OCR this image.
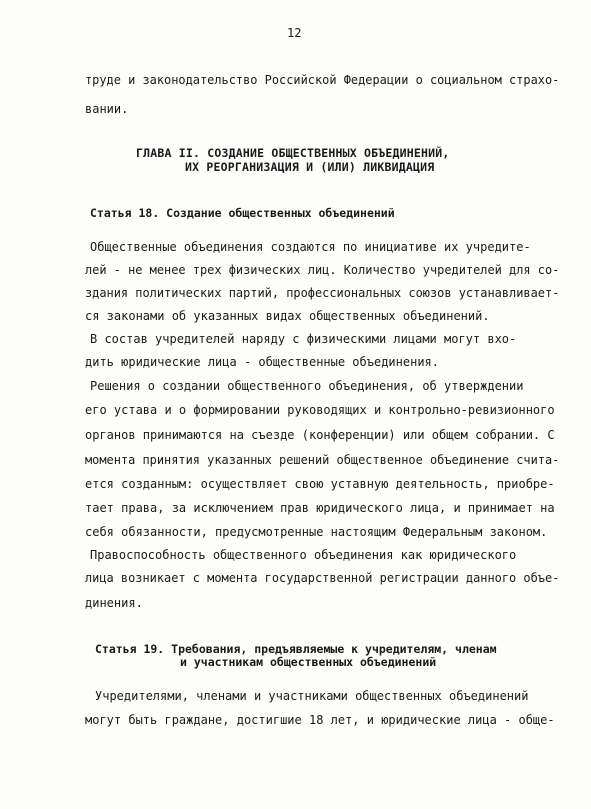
12
труде и законодательство Российской Федерации о социальном страхо-
вании.
ГЛАВА II. СОЗДАНИЕ ОБЩЕСТВЕННЫХ ОБЪЕДИНЕНИЙ,
ИХ РЕОРГАНИЗАЦИЯ И (ИЛИ) ЛИКВИДАЦИЯ
Статья 18. Создание общественных объединений
Общественные объединения создаются по инициативе их учредите-
лей - не менее трех физических лиц. Количество учредителей для со-
здания политических партий, профессиональных союзов устанавливает-
ся законами об указанных видах общественных объединений.
В состав учредителей наряду с физическими лицами могут вхо-
дить юридические лица - общественные объединения.
Решения о создании общественного объединения, об утверждении
его устава и о формировании руководящих и контрольно-ревизионного
органов принимаются на съезде (конференции) или общем собрании. С
момента принятия указанных решений общественное объединение счита-
ется созданным: осуществляет свою уставную деятельность, приобре-
тает права, за исключением прав юридического лица, и принимает на
себя обязанности, предусмотренные настоящим Федеральным законом.
Правоспособность общественного объединения как юридического
лица возникает с момента государственной регистрации данного объе-
динения.
Статья 19. Требования, предъявляемые к учредителям, членам
и участникам общественных объединений
Учредителями, членами и участниками общественных объединений
могут быть граждане, достигшие 18 лет, и юридические лица - обще-
